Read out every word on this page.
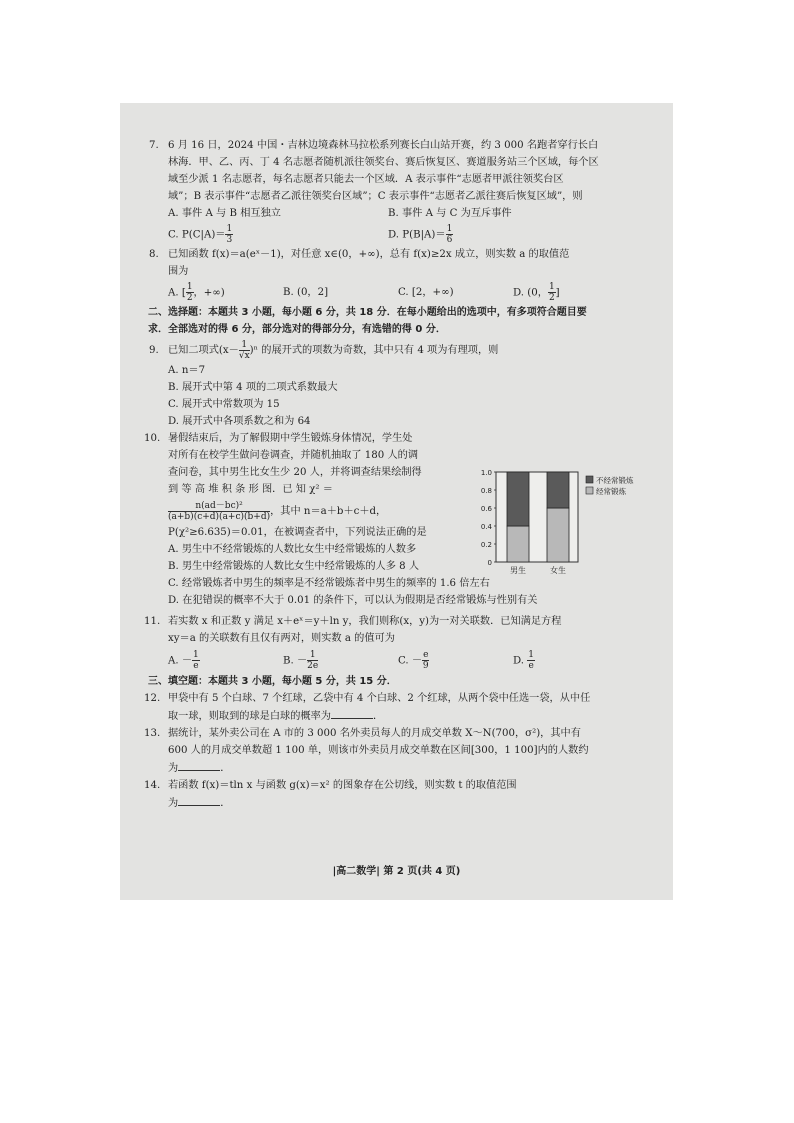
7. 6 月 16 日，2024 中国・吉林边境森林马拉松系列赛长白山站开赛，约 3 000 名跑者穿行长白

林海．甲、乙、丙、丁 4 名志愿者随机派往领奖台、赛后恢复区、赛道服务站三个区域，每个区

域至少派 1 名志愿者，每名志愿者只能去一个区域．A 表示事件“志愿者甲派往领奖台区

域”；B 表示事件“志愿者乙派往领奖台区域”；C 表示事件“志愿者乙派往赛后恢复区域”，则

A. 事件 A 与 B 相互独立	B. 事件 A 与 C 为互斥事件
C. $P(C|A)= \frac{1}{3}$	D. $P(B|A)= \frac{1}{6}$

8. 已知函数 f(x)＝a(eˣ－1)，对任意 x∈(0，+∞)，总有 f(x)≥2x 成立，则实数 a 的取值范

围为

A. [ $\frac{1}{2}$ ，+∞)	B. (0，2]	C. [2，+∞)	D. (0， $\frac{1}{2}$ ]

二、选择题：本题共 3 小题，每小题 6 分，共 18 分．在每小题给出的选项中，有多项符合题目要

求．全部选对的得 6 分，部分选对的得部分分，有选错的得 0 分．

9. 已知二项式$(x- \frac{1}{√x} )^n$ 的展开式的项数为奇数，其中只有 4 项为有理项，则

A. n＝7

B. 展开式中第 4 项的二项式系数最大

C. 展开式中常数项为 15

D. 展开式中各项系数之和为 64

10. 暑假结束后，为了解假期中学生锻炼身体情况，学生处

对所有在校学生做问卷调查，并随机抽取了 180 人的调

查问卷，其中男生比女生少 20 人，并将调查结果绘制得

到 等 高 堆 积 条 形 图．已 知 χ² ＝

$\frac{\text{n(ad－bc)²}}{(a+b)(c+d)(a+c)(b+d)}$ ，其中 n＝a＋b＋c＋d，

P(χ²≥6.635)＝0.01，在被调查者中，下列说法正确的是

A. 男生中不经常锻炼的人数比女生中经常锻炼的人数多

B. 男生中经常锻炼的人数比女生中经常锻炼的人多 8 人

C. 经常锻炼者中男生的频率是不经常锻炼者中男生的频率的 1.6 倍左右

D. 在犯错误的概率不大于 0.01 的条件下，可以认为假期是否经常锻炼与性别有关

11. 若实数 x 和正数 y 满足 x＋eˣ＝y＋ln y，我们则称(x，y)为一对关联数．已知满足方程

xy＝a 的关联数有且仅有两对，则实数 a 的值可为

A. － $\frac{1}{e}$	B. － $\frac{1}{2e}$	C. － $\frac{e}{9}$	D. $\frac{1}{e}$

三、填空题：本题共 3 小题，每小题 5 分，共 15 分．

12. 甲袋中有 5 个白球、7 个红球，乙袋中有 4 个白球、2 个红球，从两个袋中任选一袋，从中任

取一球，则取到的球是白球的概率为	．

13. 据统计，某外卖公司在 A 市的 3 000 名外卖员每人的月成交单数 X～N(700，σ²)，其中有

600 人的月成交单数超 1 100 单，则该市外卖员月成交单数在区间[300，1 100]内的人数约

为	．

14. 若函数 f(x)＝tln x 与函数 g(x)＝x² 的图象存在公切线，则实数 t 的取值范围

为	．

|高二数学| 第 2 页(共 4 页)
0
0.2
0.4
0.6
0.8
1.0
男生	女生
不经常锻炼
经常锻炼
